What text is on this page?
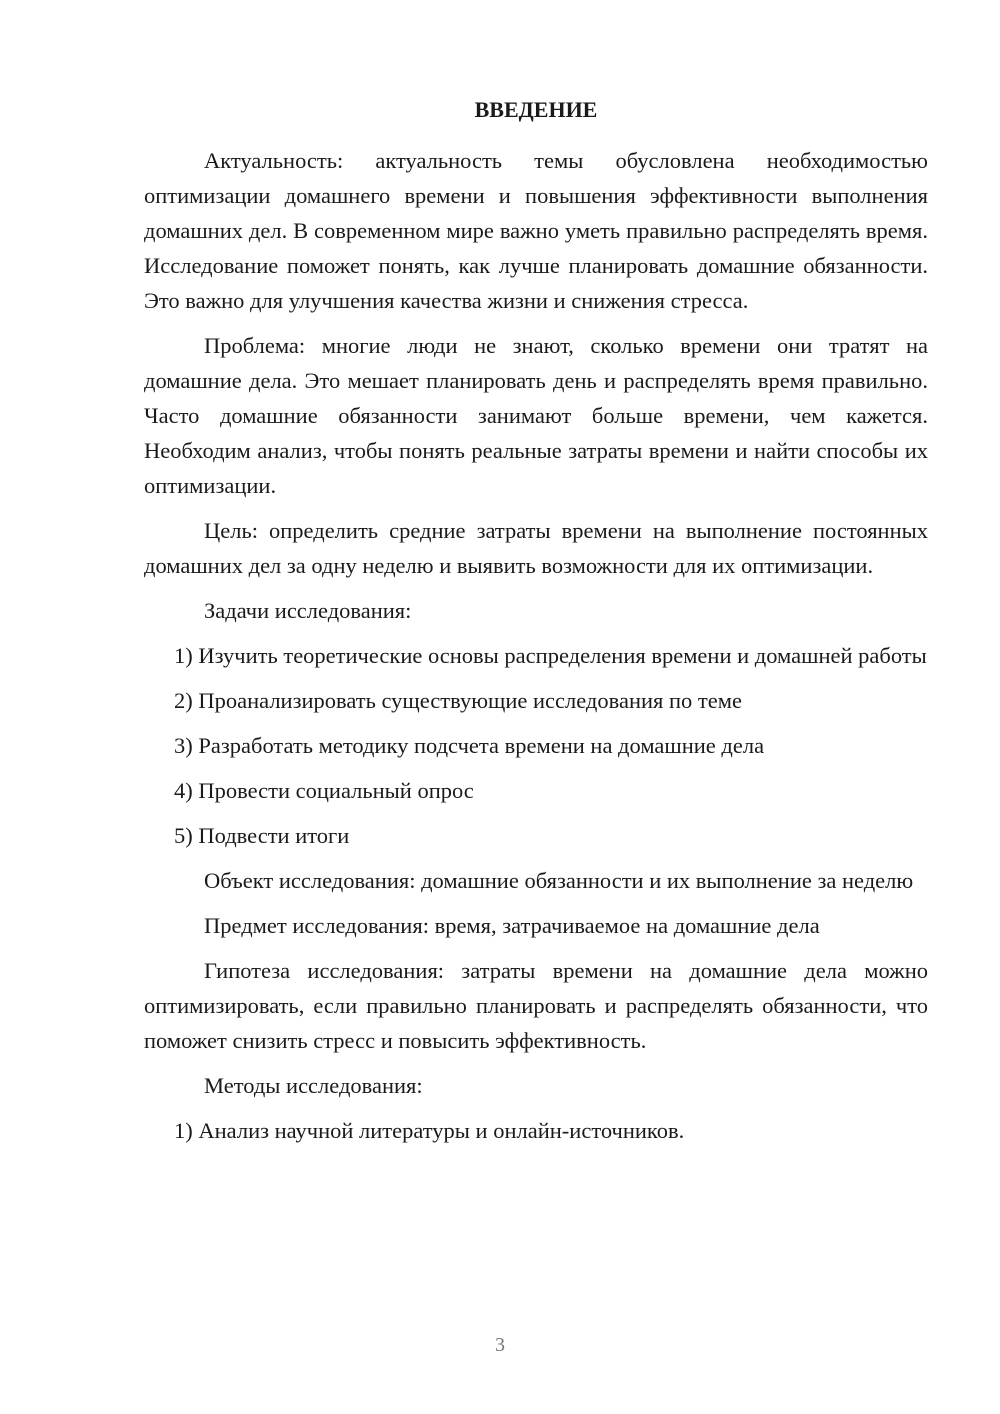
ВВЕДЕНИЕ

Актуальность: актуальность темы обусловлена необходимостью оптимизации домашнего времени и повышения эффективности выполнения домашних дел. В современном мире важно уметь правильно распределять время. Исследование поможет понять, как лучше планировать домашние обязанности. Это важно для улучшения качества жизни и снижения стресса.

Проблема: многие люди не знают, сколько времени они тратят на домашние дела. Это мешает планировать день и распределять время правильно. Часто домашние обязанности занимают больше времени, чем кажется. Необходим анализ, чтобы понять реальные затраты времени и найти способы их оптимизации.

Цель: определить средние затраты времени на выполнение постоянных домашних дел за одну неделю и выявить возможности для их оптимизации.

Задачи исследования:

1) Изучить теоретические основы распределения времени и домашней работы

2) Проанализировать существующие исследования по теме

3) Разработать методику подсчета времени на домашние дела

4) Провести социальный опрос

5) Подвести итоги

Объект исследования: домашние обязанности и их выполнение за неделю

Предмет исследования: время, затрачиваемое на домашние дела

Гипотеза исследования: затраты времени на домашние дела можно оптимизировать, если правильно планировать и распределять обязанности, что поможет снизить стресс и повысить эффективность.

Методы исследования:

1) Анализ научной литературы и онлайн-источников.

3
